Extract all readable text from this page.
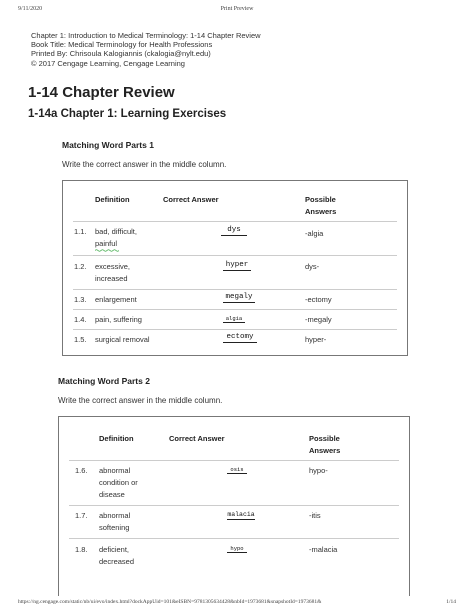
9/11/2020	Print Preview
Chapter 1: Introduction to Medical Terminology: 1-14 Chapter Review
Book Title: Medical Terminology for Health Professions
Printed By: Chrisoula Kalogiannis (ckalogia@nylt.edu)
© 2017 Cengage Learning, Cengage Learning
1-14 Chapter Review
1-14a Chapter 1: Learning Exercises
Matching Word Parts 1
Write the correct answer in the middle column.
Definition	Correct Answer	Possible
Answers
1.1. bad, difficult,
painful
dys	-algia
1.2. excessive,
increased
hyper	dys-
1.3. enlargement	megaly	-ectomy
1.4. pain, suffering	algia	-megaly
1.5. surgical removal	ectomy	hyper-
Matching Word Parts 2
Write the correct answer in the middle column.
Definition	Correct Answer	Possible
Answers
1.6. abnormal
condition or
disease
osis	hypo-
1.7. abnormal
softening
malacia	-itis
1.8. deficient,
decreased
hypo	-malacia
https://ng.cengage.com/static/nb/ui/evo/index.html?dockAppUid=101&eISBN=9781305634428&nbId=1973681&snapshotId=1973681&	1/14
